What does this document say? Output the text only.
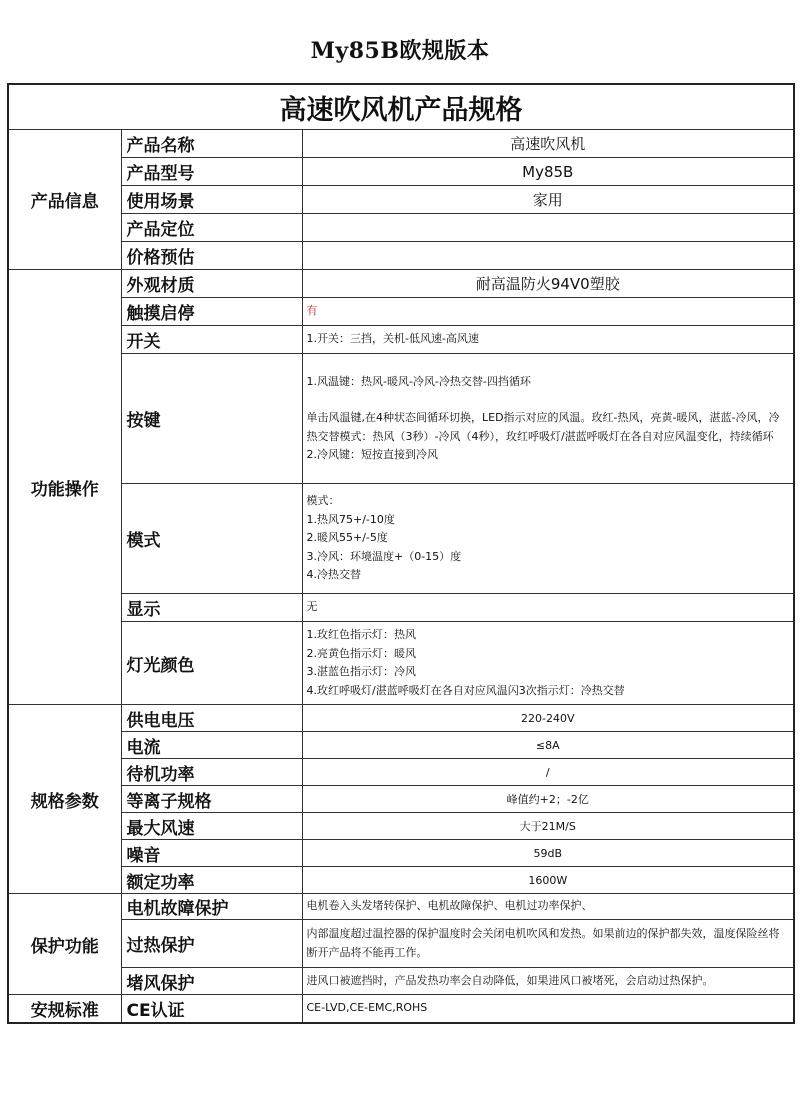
My85B欧规版本
高速吹风机产品规格		
产品信息	产品名称	高速吹风机
	产品型号	My85B
	使用场景	家用
	产品定位	
	价格预估	
功能操作	外观材质	耐高温防火94V0塑胶
	触摸启停	有
	开关	1.开关：三挡，关机-低风速-高风速
	按键	1.风温键：热风-暖风-冷风-冷热交替-四挡循环
单击风温键,在4种状态间循环切换，LED指示对应的风温。玫红-热风，亮黄-暖风，湛蓝-冷风，冷热交替模式：热风（3秒）-冷风（4秒），玫红呼吸灯/湛蓝呼吸灯在各自对应风温变化，持续循环
2.冷风键：短按直接到冷风

	模式	模式：
1.热风75+/-10度
2.暖风55+/-5度
3.冷风：环境温度+（0-15）度
4.冷热交替

	显示	无
	灯光颜色	1.玫红色指示灯：热风
2.亮黄色指示灯：暖风
3.湛蓝色指示灯：冷风
4.玫红呼吸灯/湛蓝呼吸灯在各自对应风温闪3次指示灯：冷热交替

规格参数	供电电压	220-240V
	电流	≤8A
	待机功率	/
	等离子规格	峰值约+2；-2亿
	最大风速	大于21M/S
	噪音	59dB
	额定功率	1600W
保护功能	电机故障保护	电机卷入头发堵转保护、电机故障保护、电机过功率保护、
	过热保护	内部温度超过温控器的保护温度时会关闭电机吹风和发热。如果前边的保护都失效，温度保险丝将断开产品将不能再工作。
	堵风保护	进风口被遮挡时，产品发热功率会自动降低，如果进风口被堵死，会启动过热保护。
安规标准	CE认证	CE-LVD,CE-EMC,ROHS
